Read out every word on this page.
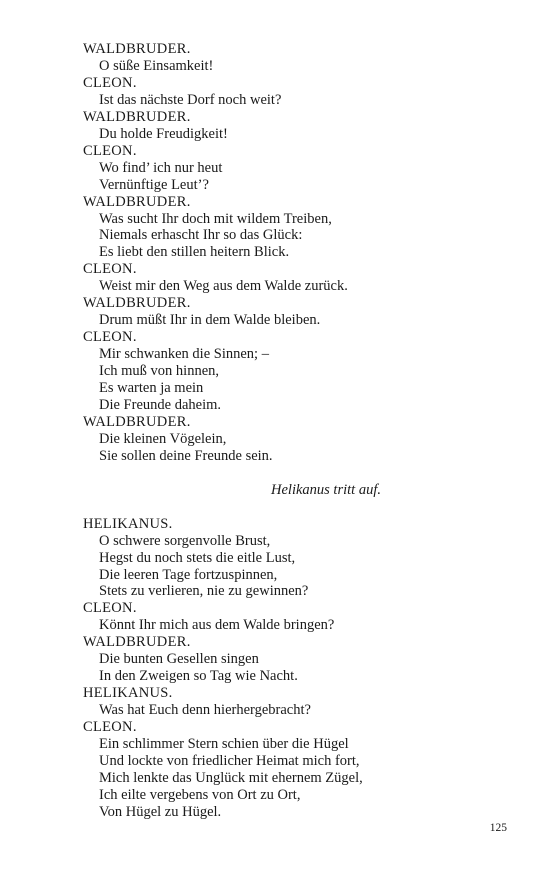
WALDBRUDER.
O süße Einsamkeit!
CLEON.
Ist das nächste Dorf noch weit?
WALDBRUDER.
Du holde Freudigkeit!
CLEON.
Wo find’ ich nur heut
Vernünftige Leut’?
WALDBRUDER.
Was sucht Ihr doch mit wildem Treiben,
Niemals erhascht Ihr so das Glück:
Es liebt den stillen heitern Blick.
CLEON.
Weist mir den Weg aus dem Walde zurück.
WALDBRUDER.
Drum müßt Ihr in dem Walde bleiben.
CLEON.
Mir schwanken die Sinnen; –
Ich muß von hinnen,
Es warten ja mein
Die Freunde daheim.
WALDBRUDER.
Die kleinen Vögelein,
Sie sollen deine Freunde sein.
Helikanus tritt auf.
HELIKANUS.
O schwere sorgenvolle Brust,
Hegst du noch stets die eitle Lust,
Die leeren Tage fortzuspinnen,
Stets zu verlieren, nie zu gewinnen?
CLEON.
Könnt Ihr mich aus dem Walde bringen?
WALDBRUDER.
Die bunten Gesellen singen
In den Zweigen so Tag wie Nacht.
HELIKANUS.
Was hat Euch denn hierhergebracht?
CLEON.
Ein schlimmer Stern schien über die Hügel
Und lockte von friedlicher Heimat mich fort,
Mich lenkte das Unglück mit ehernem Zügel,
Ich eilte vergebens von Ort zu Ort,
Von Hügel zu Hügel.
125
